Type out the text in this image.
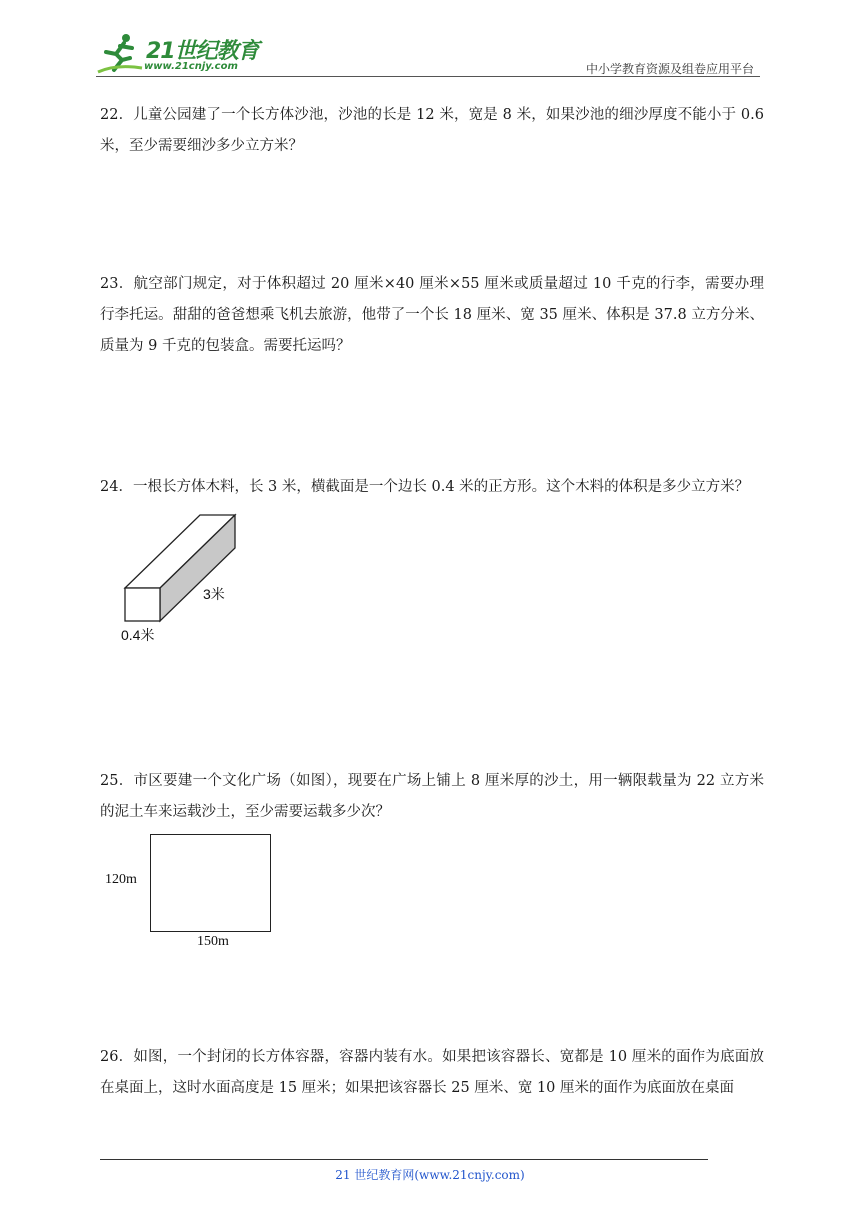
21世纪教育
www.21cnjy.com	中小学教育资源及组卷应用平台
22．儿童公园建了一个长方体沙池，沙池的长是 12 米，宽是 8 米，如果沙池的细沙厚度不能小于 0.6 米，至少需要细沙多少立方米？
23．航空部门规定，对于体积超过 20 厘米×40 厘米×55 厘米或质量超过 10 千克的行李，需要办理行李托运。甜甜的爸爸想乘飞机去旅游，他带了一个长 18 厘米、宽 35 厘米、体积是 37.8 立方分米、质量为 9 千克的包装盒。需要托运吗？
24．一根长方体木料，长 3 米，横截面是一个边长 0.4 米的正方形。这个木料的体积是多少立方米？
3米
0.4米
25．市区要建一个文化广场（如图），现要在广场上铺上 8 厘米厚的沙土，用一辆限载量为 22 立方米的泥土车来运载沙土，至少需要运载多少次？
120m
150m
26．如图，一个封闭的长方体容器，容器内装有水。如果把该容器长、宽都是 10 厘米的面作为底面放在桌面上，这时水面高度是 15 厘米；如果把该容器长 25 厘米、宽 10 厘米的面作为底面放在桌面
21 世纪教育网(www.21cnjy.com)
